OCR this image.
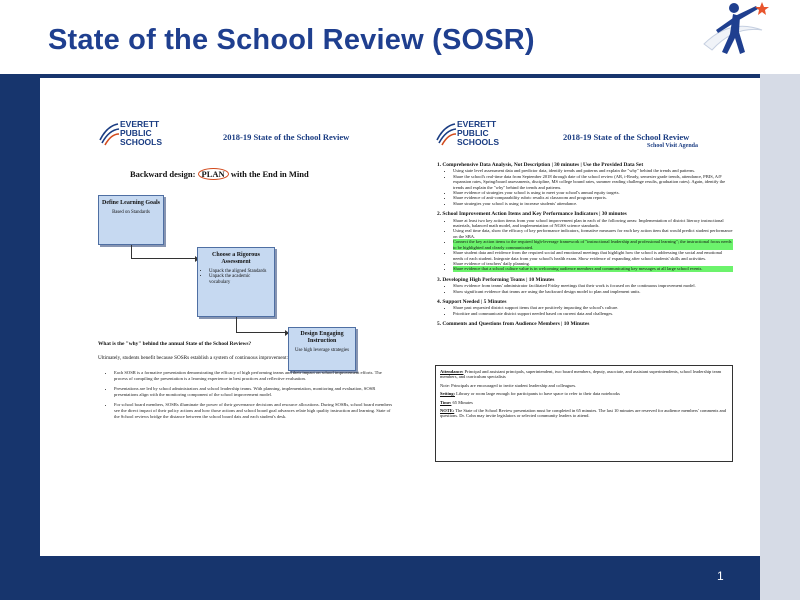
State of the School Review (SOSR)
1
EVERETT
PUBLIC
SCHOOLS	2018-19 State of the School Review
Backward design: PLAN with the End in Mind
Define Learning Goals
Based on Standards
Choose a Rigorous Assessment
• Unpack the aligned Standards
• Unpack the academic vocabulary
Design Engaging Instruction
Use high leverage strategies
What is the "why" behind the annual State of the School Reviews?
Ultimately, students benefit because SOSRs establish a system of continuous improvement:
• Each SOSR is a formative presentation demonstrating the efficacy of high performing teams and their impact on school improvement efforts. The process of compiling the presentation is a learning experience in best practices and reflective evaluation.
• Presentations are led by school administrators and school leadership teams. With planning, implementation, monitoring and evaluation, SOSR presentations align with the monitoring component of the school improvement model.
• For school board members, SOSRs illuminate the power of their governance decisions and resource allocations. During SOSRs, school board members see the direct impact of their policy actions and how those actions and school board goal advances relate high quality instruction and learning. State of the School reviews bridge the distance between the school board dais and each student's desk.
EVERETT
PUBLIC
SCHOOLS	2018-19 State of the School Review
School Visit Agenda
1. Comprehensive Data Analysis, Not Description | 30 minutes | Use the Provided Data Set
• Using state level assessment data and predictor data, identify trends and patterns and explain the "why" behind the trends and patterns.
• Share the school's real-time data from September 2018 through date of the school review (AR, i-Ready, semester grade trends, attendance, PBIS, A/F expansion rates, Spring/board assessments, discipline, MS college bound rates, summer reading challenge results, graduation rates). Again, identify the trends and explain the "why" behind the trends and patterns.
• Share evidence of strategies your school is using to meet your school's annual equity targets.
• Share evidence of anti-comparability rubric results at classroom and program reports.
• Share strategies your school is using to increase students' attendance.
2. School Improvement Action Items and Key Performance Indicators | 30 minutes
• Share at least two key action items from your school improvement plan in each of the following areas: Implementation of district literacy instructional materials, balanced math model, and implementation of NGSS science standards.
• Using real time data, show the efficacy of key performance indicators, formative measures for each key action item that would predict student performance on the SBA.
• Connect the key action items to the required high-leverage framework of "instructional leadership and professional learning"; the instructional focus needs to be highlighted and clearly communicated.
• Share student data and evidence from the required social and emotional meetings that highlight how the school is addressing the social and emotional needs of each student. Integrate data from your school's health exam. Show evidence of expanding after school students' skills and activities.
• Share evidence of teachers' daily planning.
• Share evidence that a school culture value is in welcoming audience members and communicating key messages at all large school events.
3. Developing High Performing Teams | 10 Minutes
• Show evidence from teams' administrator facilitated Friday meetings that their work is focused on the continuous improvement model.
• Show significant evidence that teams are using the backward design model to plan and implement units.
4. Support Needed | 5 Minutes
• Share past requested district support items that are positively impacting the school's culture.
• Prioritize and communicate district support needed based on current data and challenges.
5. Comments and Questions from Audience Members | 10 Minutes

Attendance: Principal and assistant principals, superintendent, two board members, deputy, associate, and assistant superintendents, school leadership team members, and curriculum specialists

Note: Principals are encouraged to invite student leadership and colleagues.

Setting: Library or room large enough for participants to have space to refer to their data notebooks

Time: 65 Minutes

NOTE: The State of the School Review presentation must be completed in 65 minutes. The last 10 minutes are reserved for audience members' comments and questions. Dr. Cohn may invite legislators or selected community leaders to attend.
